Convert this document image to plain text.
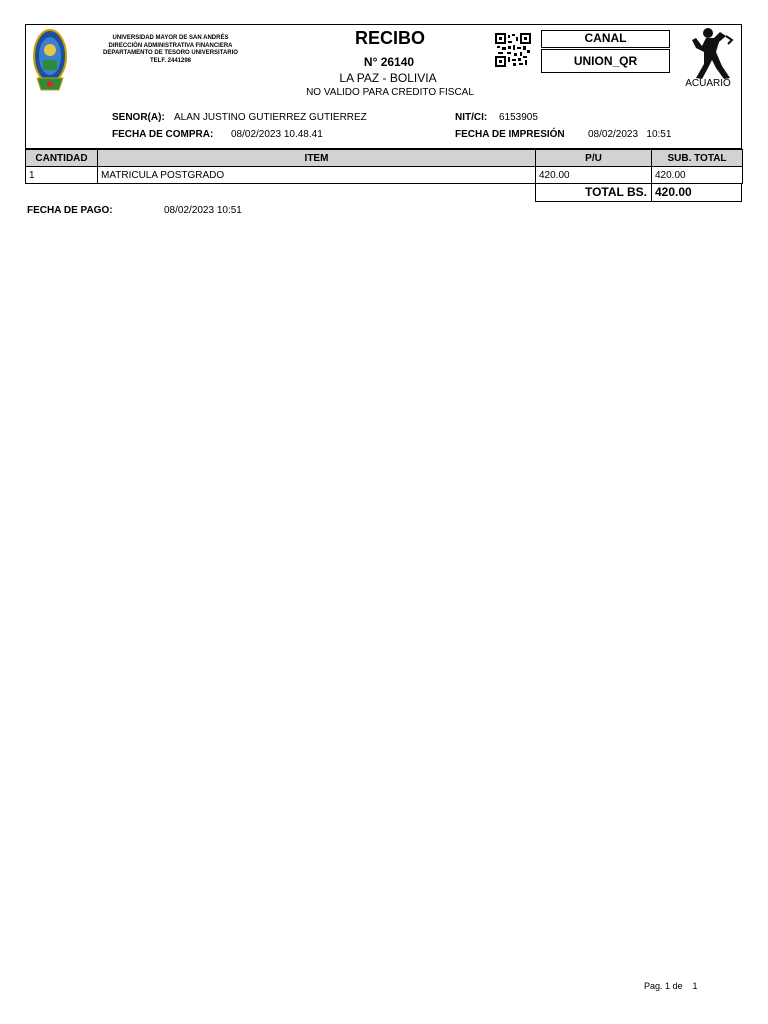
UNIVERSIDAD MAYOR DE SAN ANDRÉS
DIRECCIÓN ADMINISTRATIVA FINANCIERA
DEPARTAMENTO DE TESORO UNIVERSITARIO
TELF. 2441298
RECIBO
N° 26140
LA PAZ - BOLIVIA
NO VALIDO PARA CREDITO FISCAL
CANAL
UNION_QR
ACUARIO
SENOR(A): ALAN JUSTINO GUTIERREZ GUTIERREZ	NIT/CI: 6153905
FECHA DE COMPRA: 08/02/2023 10.48.41	FECHA DE IMPRESIÓN 08/02/2023   10:51
CANTIDAD	ITEM	P/U	SUB. TOTAL
1	MATRICULA POSTGRADO	420.00	420.00
TOTAL BS. 420.00
FECHA DE PAGO:	08/02/2023 10:51
Pag. 1 de    1
